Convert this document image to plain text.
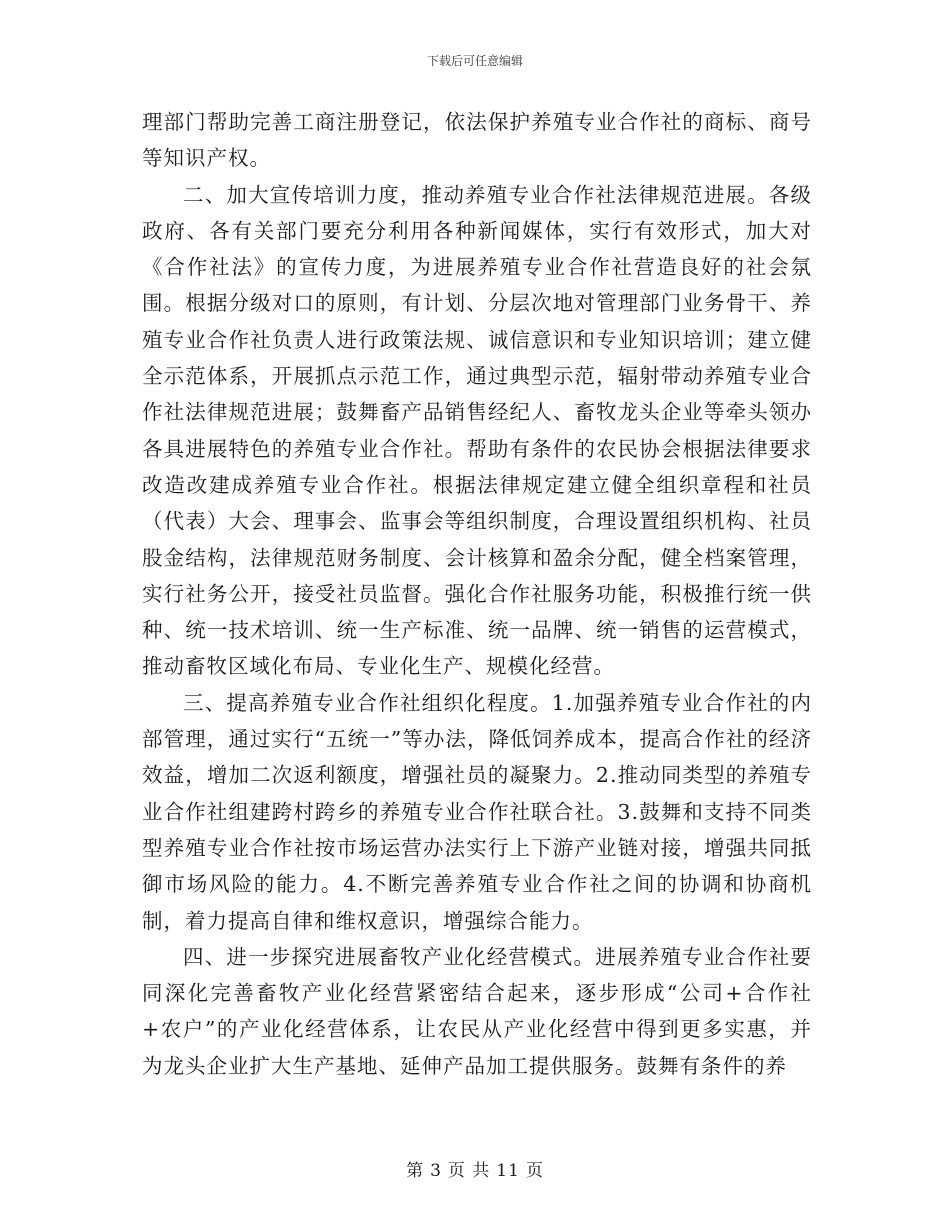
下载后可任意编辑

理部门帮助完善工商注册登记，依法保护养殖专业合作社的商标、商号等知识产权。

二、加大宣传培训力度，推动养殖专业合作社法律规范进展。各级政府、各有关部门要充分利用各种新闻媒体，实行有效形式，加大对《合作社法》的宣传力度，为进展养殖专业合作社营造良好的社会氛围。根据分级对口的原则，有计划、分层次地对管理部门业务骨干、养殖专业合作社负责人进行政策法规、诚信意识和专业知识培训；建立健全示范体系，开展抓点示范工作，通过典型示范，辐射带动养殖专业合作社法律规范进展；鼓舞畜产品销售经纪人、畜牧龙头企业等牵头领办各具进展特色的养殖专业合作社。帮助有条件的农民协会根据法律要求改造改建成养殖专业合作社。根据法律规定建立健全组织章程和社员（代表）大会、理事会、监事会等组织制度，合理设置组织机构、社员股金结构，法律规范财务制度、会计核算和盈余分配，健全档案管理，实行社务公开，接受社员监督。强化合作社服务功能，积极推行统一供种、统一技术培训、统一生产标准、统一品牌、统一销售的运营模式，推动畜牧区域化布局、专业化生产、规模化经营。

三、提高养殖专业合作社组织化程度。1.加强养殖专业合作社的内部管理，通过实行“五统一”等办法，降低饲养成本，提高合作社的经济效益，增加二次返利额度，增强社员的凝聚力。2.推动同类型的养殖专业合作社组建跨村跨乡的养殖专业合作社联合社。3.鼓舞和支持不同类型养殖专业合作社按市场运营办法实行上下游产业链对接，增强共同抵御市场风险的能力。4.不断完善养殖专业合作社之间的协调和协商机制，着力提高自律和维权意识，增强综合能力。

四、进一步探究进展畜牧产业化经营模式。进展养殖专业合作社要同深化完善畜牧产业化经营紧密结合起来，逐步形成“公司+合作社+农户”的产业化经营体系，让农民从产业化经营中得到更多实惠，并为龙头企业扩大生产基地、延伸产品加工提供服务。鼓舞有条件的养

第 3 页 共 11 页
